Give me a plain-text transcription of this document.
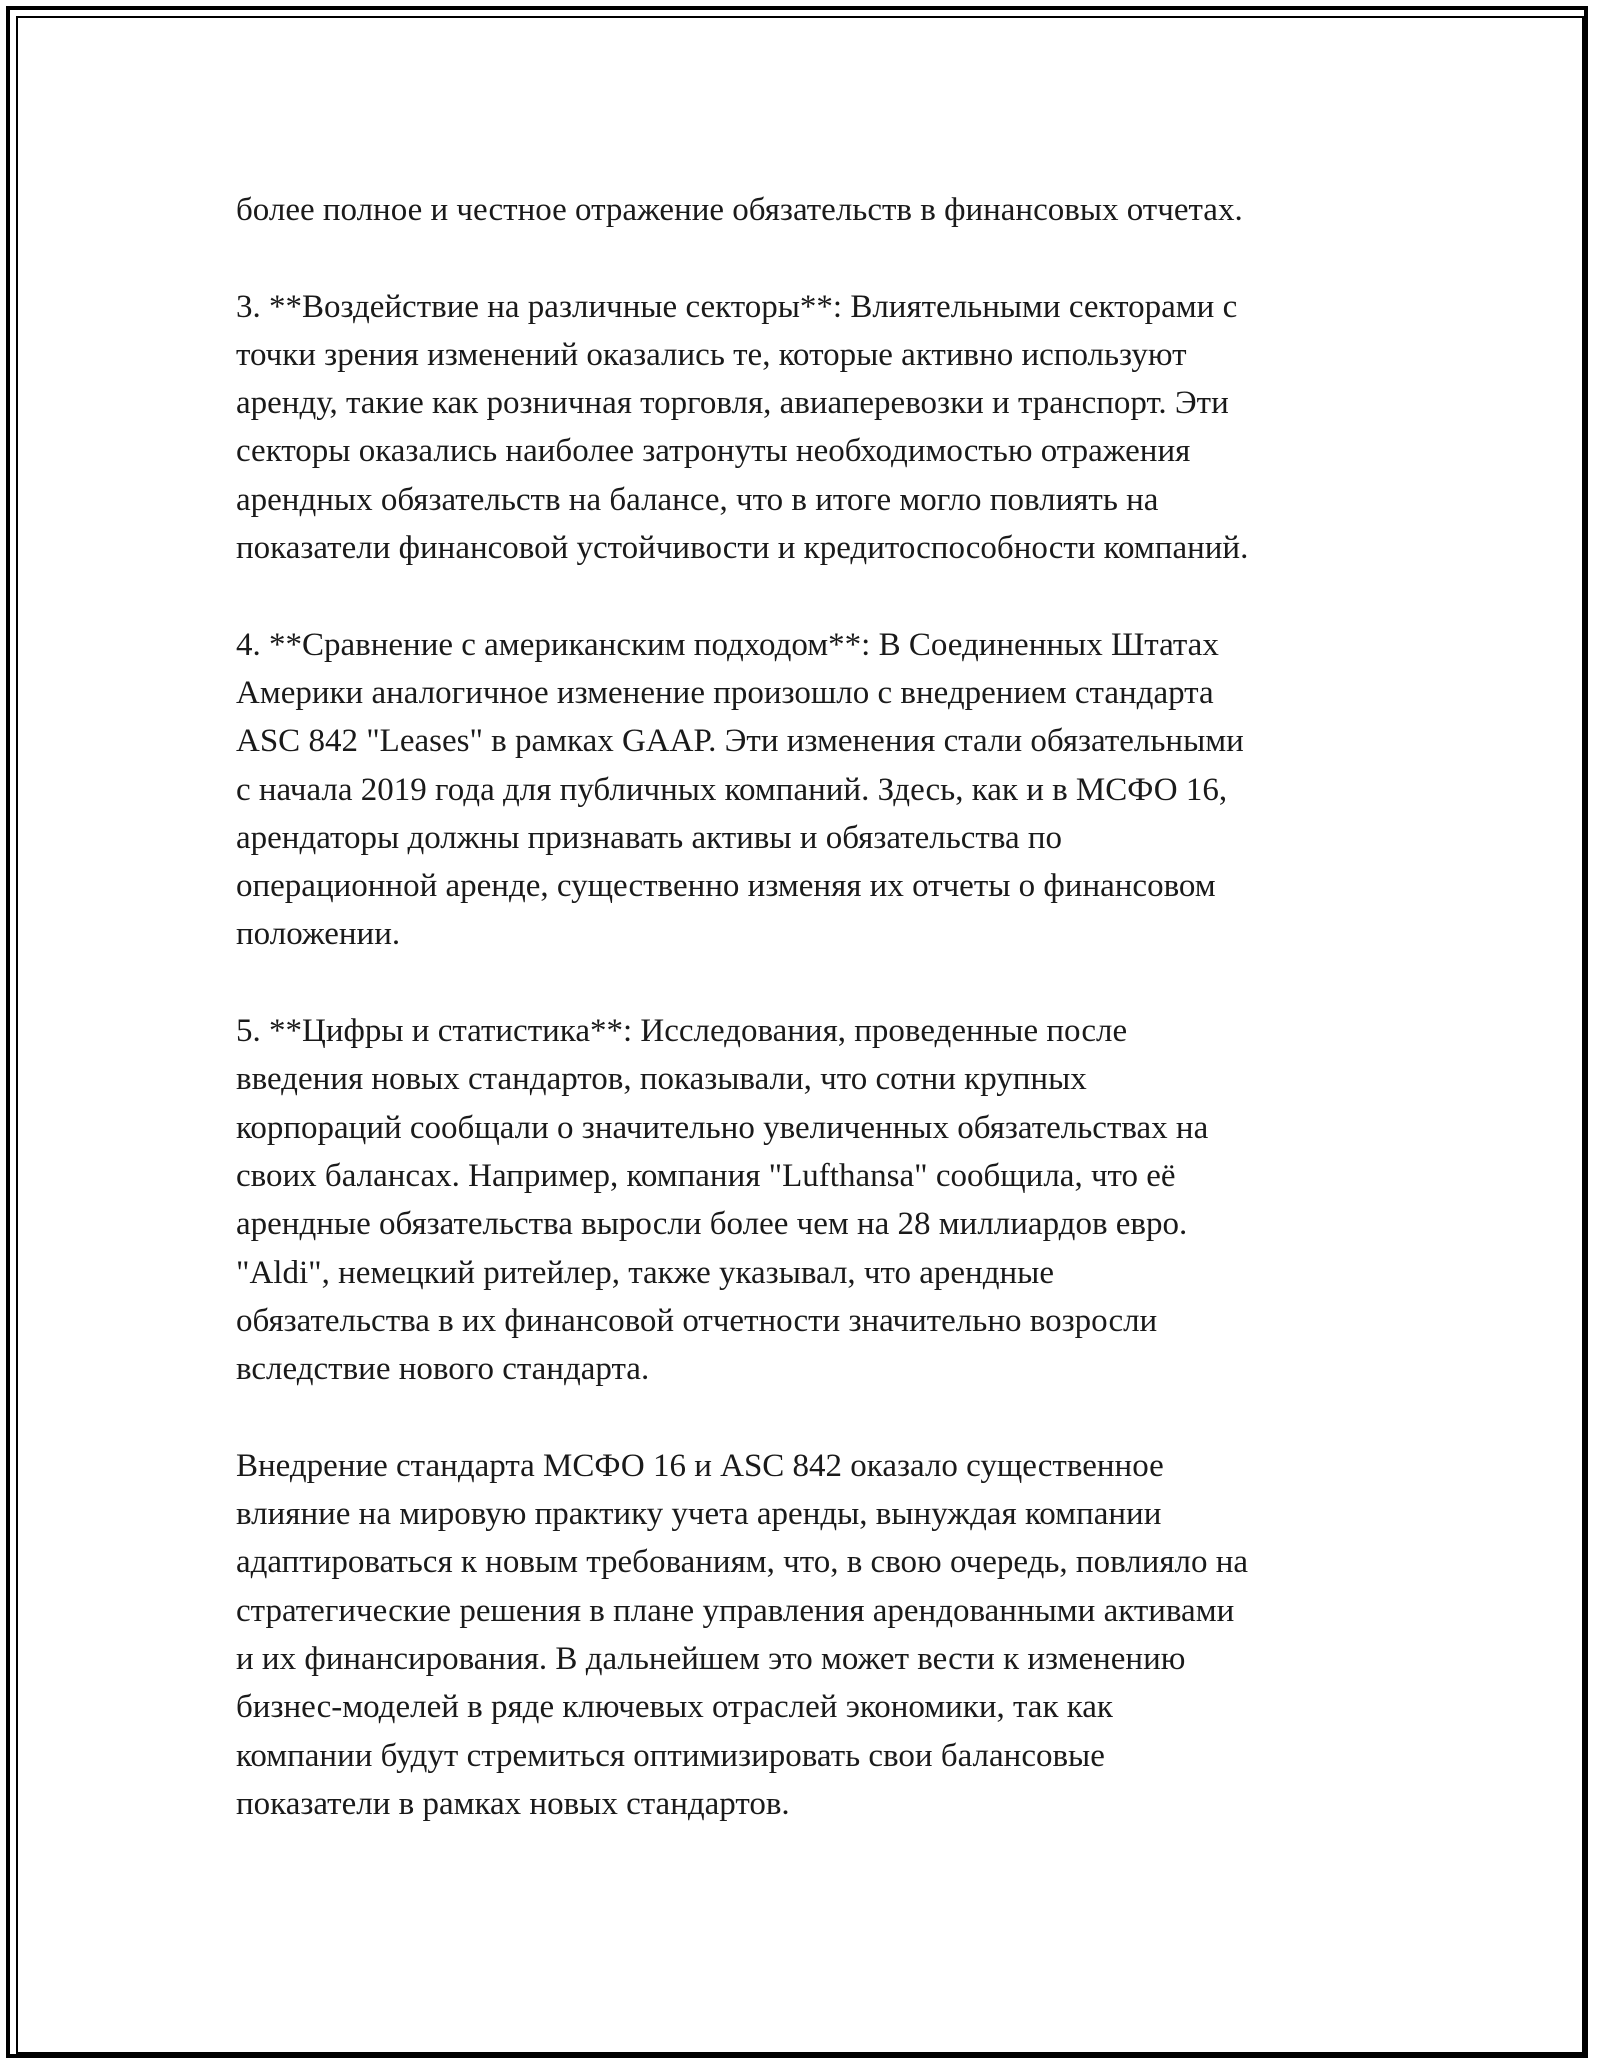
более полное и честное отражение обязательств в финансовых отчетах.

3. **Воздействие на различные секторы**: Влиятельными секторами с
точки зрения изменений оказались те, которые активно используют
аренду, такие как розничная торговля, авиаперевозки и транспорт. Эти
секторы оказались наиболее затронуты необходимостью отражения
арендных обязательств на балансе, что в итоге могло повлиять на
показатели финансовой устойчивости и кредитоспособности компаний.

4. **Сравнение с американским подходом**: В Соединенных Штатах
Америки аналогичное изменение произошло с внедрением стандарта
ASC 842 "Leases" в рамках GAAP. Эти изменения стали обязательными
с начала 2019 года для публичных компаний. Здесь, как и в МСФО 16,
арендаторы должны признавать активы и обязательства по
операционной аренде, существенно изменяя их отчеты о финансовом
положении.

5. **Цифры и статистика**: Исследования, проведенные после
введения новых стандартов, показывали, что сотни крупных
корпораций сообщали о значительно увеличенных обязательствах на
своих балансах. Например, компания "Lufthansa" сообщила, что её
арендные обязательства выросли более чем на 28 миллиардов евро.
"Aldi", немецкий ритейлер, также указывал, что арендные
обязательства в их финансовой отчетности значительно возросли
вследствие нового стандарта.

Внедрение стандарта МСФО 16 и ASC 842 оказало существенное
влияние на мировую практику учета аренды, вынуждая компании
адаптироваться к новым требованиям, что, в свою очередь, повлияло на
стратегические решения в плане управления арендованными активами
и их финансирования. В дальнейшем это может вести к изменению
бизнес-моделей в ряде ключевых отраслей экономики, так как
компании будут стремиться оптимизировать свои балансовые
показатели в рамках новых стандартов.
